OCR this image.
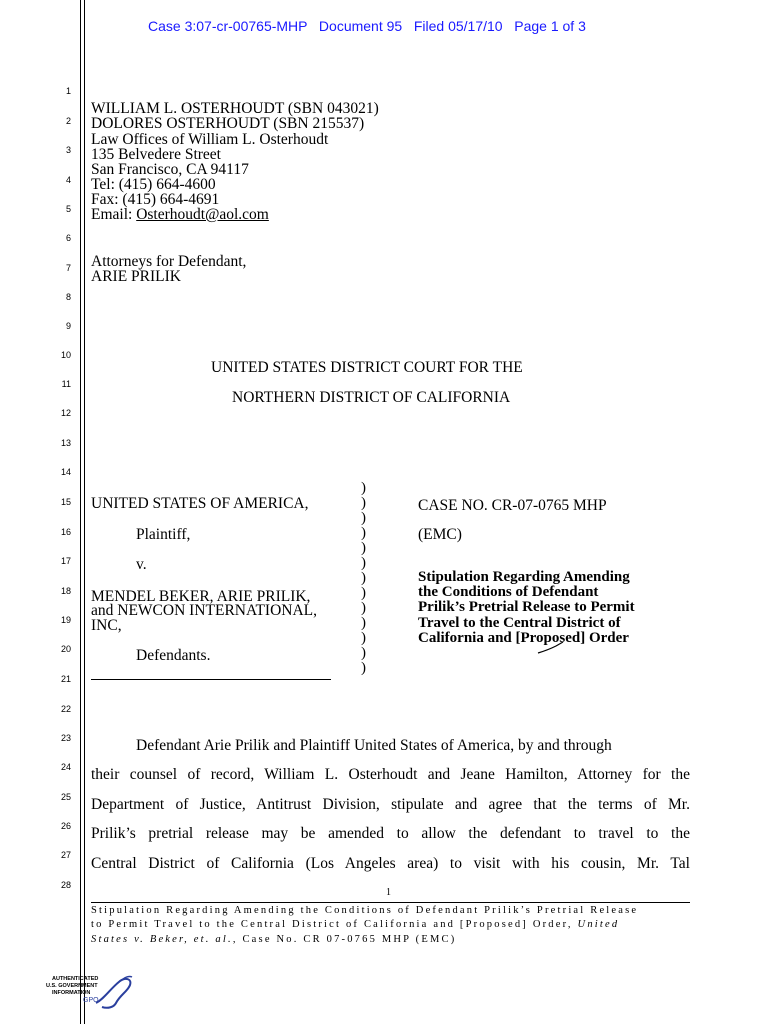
Case 3:07-cr-00765-MHP   Document 95   Filed 05/17/10   Page 1 of 3
1
2
3
4
5
6
7
8
9
10
11
12
13
14
15
16
17
18
19
20
21
22
23
24
25
26
27
28
WILLIAM L. OSTERHOUDT (SBN 043021)
DOLORES OSTERHOUDT (SBN 215537)
Law Offices of William L. Osterhoudt
135 Belvedere Street
San Francisco, CA 94117
Tel: (415) 664-4600
Fax: (415) 664-4691
Email: Osterhoudt@aol.com
Attorneys for Defendant,
ARIE PRILIK
UNITED STATES DISTRICT COURT FOR THE
NORTHERN DISTRICT OF CALIFORNIA
UNITED STATES OF AMERICA,
Plaintiff,
v.
MENDEL BEKER, ARIE PRILIK,
and NEWCON INTERNATIONAL,
INC,
Defendants.
)
)
)
)
)
)
)
)
)
)
)
)
)
CASE NO. CR-07-0765 MHP
(EMC)
Stipulation Regarding Amending
the Conditions of Defendant
Prilik’s Pretrial Release to Permit
Travel to the Central District of
California and [Proposed] Order
Defendant Arie Prilik and Plaintiff United States of America, by and through
their counsel of record, William L. Osterhoudt and Jeane Hamilton, Attorney for the
Department of Justice, Antitrust Division, stipulate and agree that the terms of Mr.
Prilik’s pretrial release may be amended to allow the defendant to travel to the
Central District of California (Los Angeles area) to visit with his cousin, Mr. Tal
1
Stipulation Regarding Amending the Conditions of Defendant Prilik’s Pretrial Release
to Permit Travel to the Central District of California and [Proposed] Order, United
States v. Beker, et. al., Case No. CR 07-0765 MHP (EMC)
AUTHENTICATED
U.S. GOVERNMENT
INFORMATION
GPO
